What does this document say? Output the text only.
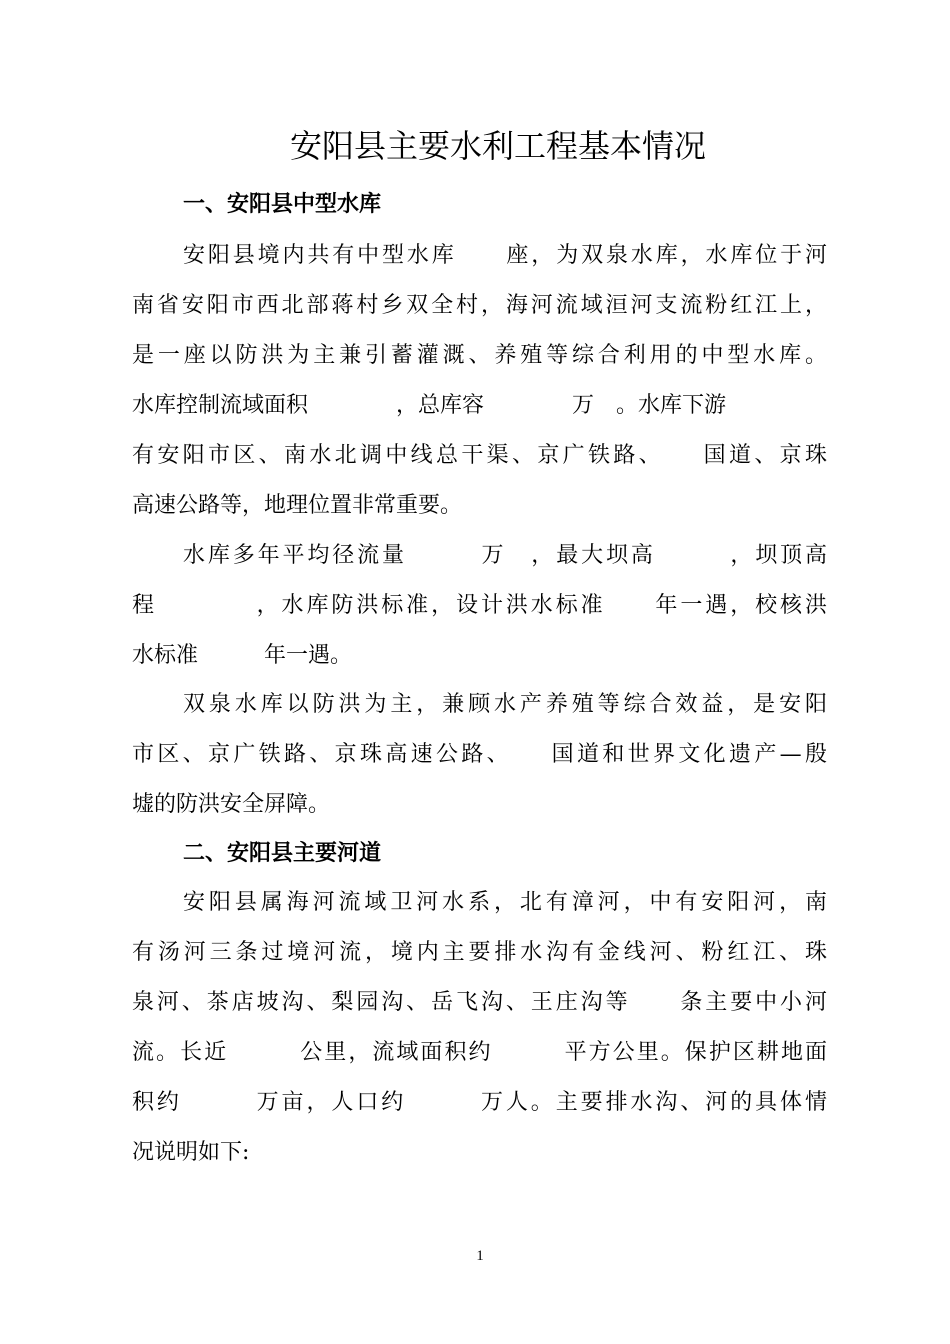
安阳县主要水利工程基本情况
一、安阳县中型水库
安阳县境内共有中型水库　　座，为双泉水库，水库位于河
南省安阳市西北部蒋村乡双全村，海河流域洹河支流粉红江上，
是一座以防洪为主兼引蓄灌溉、养殖等综合利用的中型水库。
水库控制流域面积　　　　，总库容　　　　万　。水库下游
有安阳市区、南水北调中线总干渠、京广铁路、　　国道、京珠
高速公路等，地理位置非常重要。
水库多年平均径流量　　　万　，最大坝高　　　，坝顶高
程　　　　，水库防洪标准，设计洪水标准　　年一遇，校核洪
水标准　　　年一遇。
双泉水库以防洪为主，兼顾水产养殖等综合效益，是安阳
市区、京广铁路、京珠高速公路、　　国道和世界文化遗产—殷
墟的防洪安全屏障。
二、安阳县主要河道
安阳县属海河流域卫河水系，北有漳河，中有安阳河，南
有汤河三条过境河流，境内主要排水沟有金线河、粉红江、珠
泉河、茶店坡沟、梨园沟、岳飞沟、王庄沟等　　条主要中小河
流。长近　　　公里，流域面积约　　　平方公里。保护区耕地面
积约　　　万亩，人口约　　　万人。主要排水沟、河的具体情
况说明如下:
1
